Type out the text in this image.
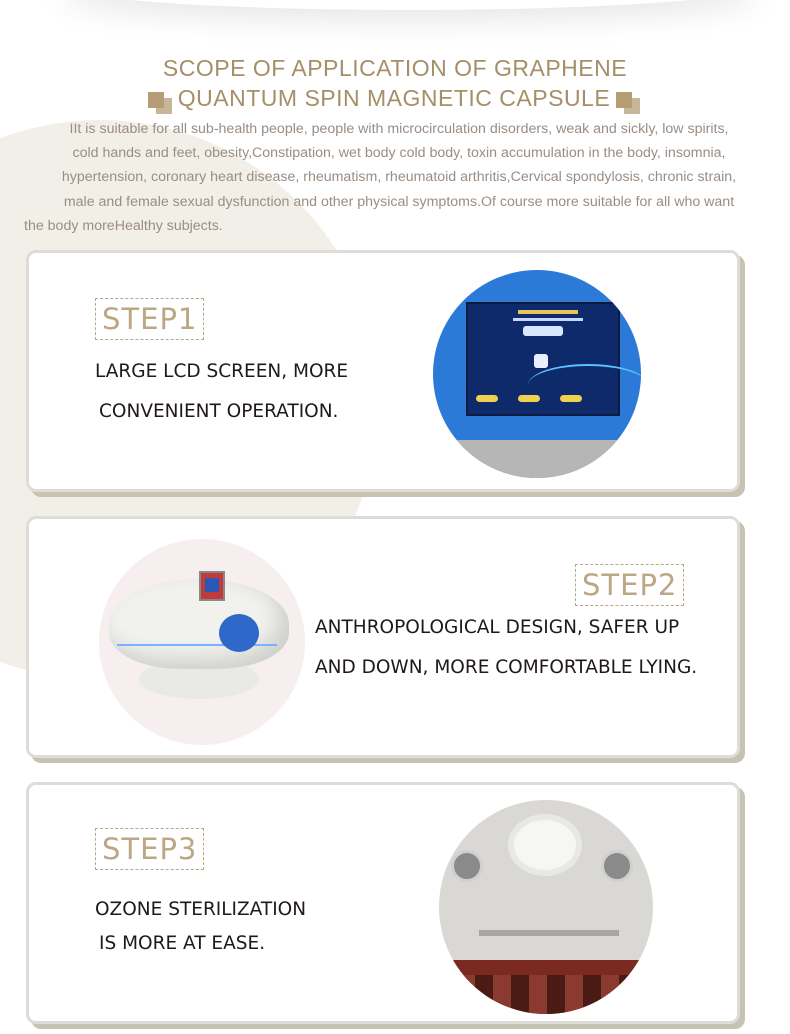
SCOPE OF APPLICATION OF GRAPHENE
QUANTUM SPIN MAGNETIC CAPSULE
IIt is suitable for all sub-health people, people with microcirculation disorders, weak and sickly, low spirits,
cold hands and feet, obesity,Constipation, wet body cold body, toxin accumulation in the body, insomnia,
hypertension, coronary heart disease, rheumatism, rheumatoid arthritis,Cervical spondylosis, chronic strain,
male and female sexual dysfunction and other physical symptoms.Of course more suitable for all who want
the body moreHealthy subjects.
STEP1
LARGE LCD SCREEN, MORE
CONVENIENT OPERATION.
STEP2
ANTHROPOLOGICAL DESIGN, SAFER UP
AND DOWN, MORE COMFORTABLE LYING.
STEP3
OZONE STERILIZATION
IS MORE AT EASE.
